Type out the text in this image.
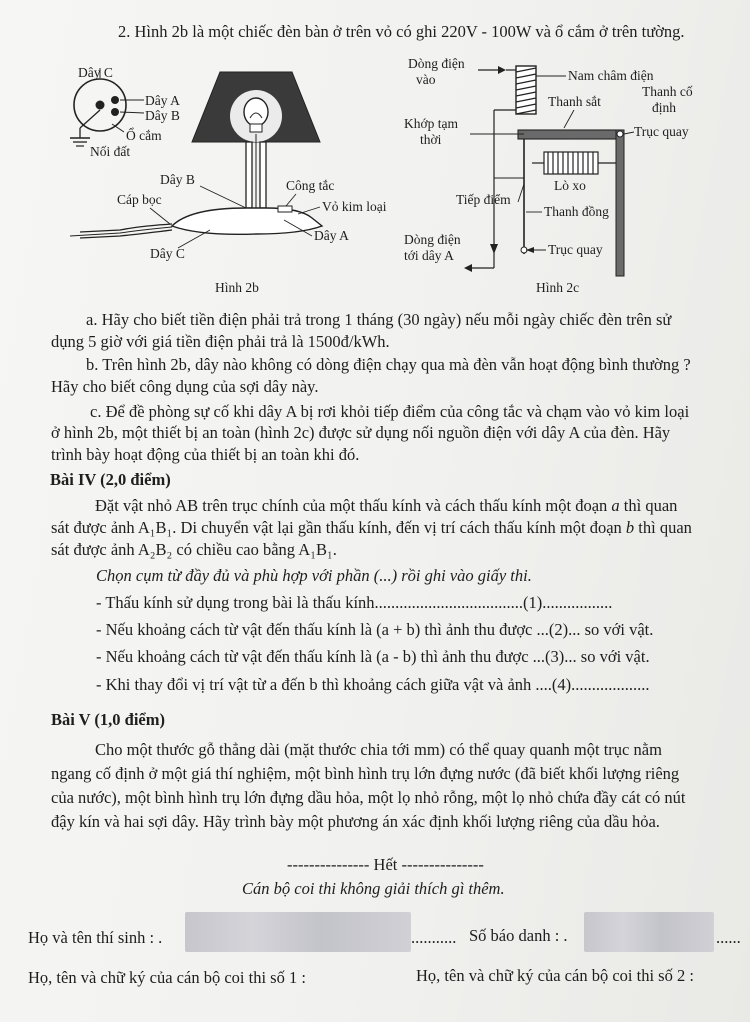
2. Hình 2b là một chiếc đèn bàn ở trên vỏ có ghi 220V - 100W và ổ cắm ở trên tường.
Dây C
Dây A
Dây B
Ổ cắm
Nối đất
Dây B	Công tắc
Cáp bọc	Vỏ kim loại
Dây A
Dây C
Hình 2b
Dòng điện
vào	Nam châm điện
Thanh sắt
Thanh cố
định
Trục quay
Khớp tạm
thời
Lò xo
Tiếp điểm
Thanh đồng
Dòng điện
tới dây A	Trục quay
Hình 2c
a. Hãy cho biết tiền điện phải trả trong 1 tháng (30 ngày) nếu mỗi ngày chiếc đèn trên sử
dụng 5 giờ với giá tiền điện phải trả là 1500đ/kWh.
b. Trên hình 2b, dây nào không có dòng điện chạy qua mà đèn vẫn hoạt động bình thường ?
Hãy cho biết công dụng của sợi dây này.
c. Để đề phòng sự cố khi dây A bị rơi khỏi tiếp điểm của công tắc và chạm vào vỏ kim loại
ở hình 2b, một thiết bị an toàn (hình 2c) được sử dụng nối nguồn điện với dây A của đèn. Hãy
trình bày hoạt động của thiết bị an toàn khi đó.
Bài IV (2,0 điểm)
Đặt vật nhỏ AB trên trục chính của một thấu kính và cách thấu kính một đoạn a thì quan
sát được ảnh A₁B₁. Di chuyển vật lại gần thấu kính, đến vị trí cách thấu kính một đoạn b thì quan
sát được ảnh A₂B₂ có chiều cao bằng A₁B₁.
Chọn cụm từ đầy đủ và phù hợp với phần (...) rồi ghi vào giấy thi.
- Thấu kính sử dụng trong bài là thấu kính....................................(1).................
- Nếu khoảng cách từ vật đến thấu kính là (a + b) thì ảnh thu được ...(2)... so với vật.
- Nếu khoảng cách từ vật đến thấu kính là (a - b) thì ảnh thu được ...(3)... so với vật.
- Khi thay đổi vị trí vật từ a đến b thì khoảng cách giữa vật và ảnh ....(4)...................
Bài V (1,0 điểm)
Cho một thước gỗ thẳng dài (mặt thước chia tới mm) có thể quay quanh một trục nằm
ngang cố định ở một giá thí nghiệm, một bình hình trụ lớn đựng nước (đã biết khối lượng riêng
của nước), một bình hình trụ lớn đựng dầu hỏa, một lọ nhỏ rỗng, một lọ nhỏ chứa đầy cát có nút
đậy kín và hai sợi dây. Hãy trình bày một phương án xác định khối lượng riêng của dầu hỏa.
--------------- Hết ---------------
Cán bộ coi thi không giải thích gì thêm.
Họ và tên thí sinh : .	........... Số báo danh : .	......
Họ, tên và chữ ký của cán bộ coi thi số 1 :	Họ, tên và chữ ký của cán bộ coi thi số 2 :
